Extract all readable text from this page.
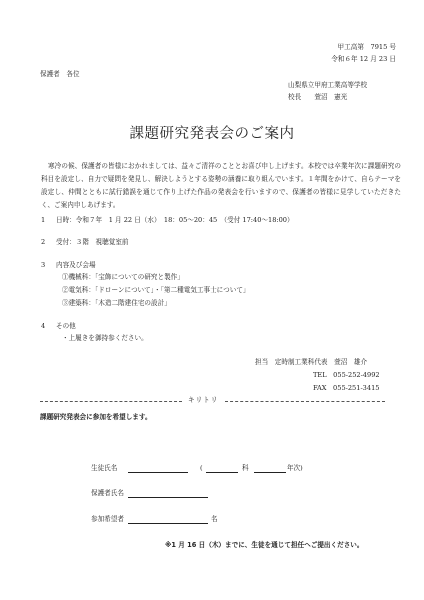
甲工高第　7915 号
令和６年 12 月 23 日
保護者　各位
山梨県立甲府工業高等学校
校長　　萱沼　憲光
課題研究発表会のご案内
寒冷の候、保護者の皆様におかれましては、益々ご清祥のこととお喜び申し上げます。本校では卒業年次に課題研究の科目を設定し、自力で疑問を発見し、解決しようとする姿勢の涵養に取り組んでいます。１年間をかけて、自らテーマを設定し、仲間とともに試行錯誤を通じて作り上げた作品の発表会を行いますので、保護者の皆様に見学していただきたく、ご案内申しあげます。
1 日時：令和７年　1 月 22 日（水）　18：05～20：45　（受付 17:40～18:00）
2 受付：３階　視聴覚室前
3 内容及び会場
①機械科：「宝飾についての研究と製作」
②電気科：「ドローンについて」・「第二種電気工事士について」
③建築科：「木造二階建住宅の設計」
4 その他
・上履きを御持参ください。
担当　定時制工業科代表　萱沼　雄介
TEL　055-252-4992
FAX　055-251-3415
キリトリ
課題研究発表会に参加を希望します。
生徒氏名	(	科	年次)
保護者氏名
参加希望者	名
※1 月 16 日（木）までに、生徒を通じて担任へご提出ください。
